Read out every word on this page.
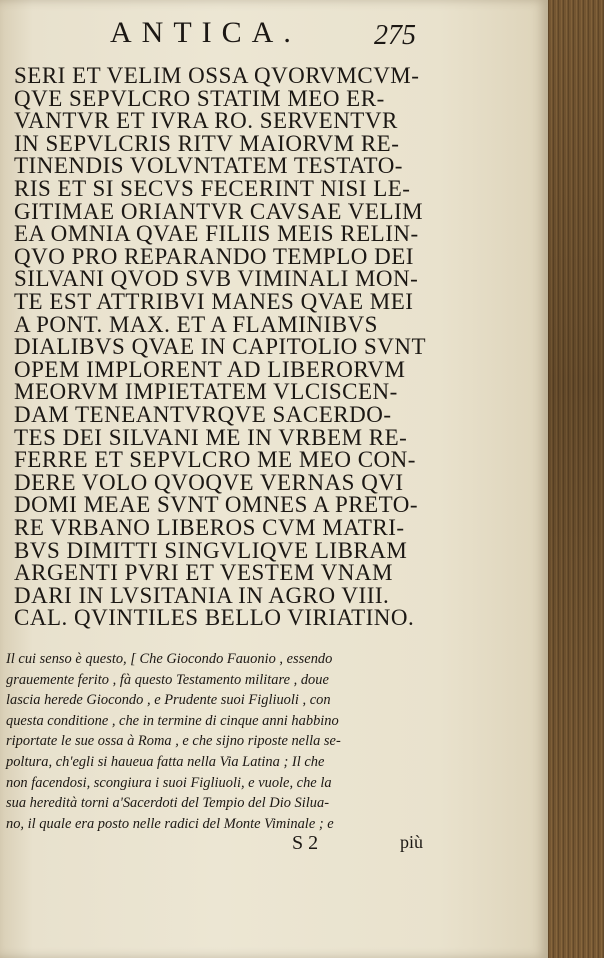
ANTICA.	275
SERI ET VELIM OSSA QVORVMCVM-
QVE SEPVLCRO STATIM MEO ER-
VANTVR ET IVRA RO. SERVENTVR
IN SEPVLCRIS RITV MAIORVM RE-
TINENDIS VOLVNTATEM TESTATO-
RIS ET SI SECVS FECERINT NISI LE-
GITIMAE ORIANTVR CAVSAE VELIM
EA OMNIA QVAE FILIIS MEIS RELIN-
QVO PRO REPARANDO TEMPLO DEI
SILVANI QVOD SVB VIMINALI MON-
TE EST ATTRIBVI MANES QVAE MEI
A PONT. MAX. ET A FLAMINIBVS
DIALIBVS QVAE IN CAPITOLIO SVNT
OPEM IMPLORENT AD LIBERORVM
MEORVM IMPIETATEM VLCISCEN-
DAM TENEANTVRQVE SACERDO-
TES DEI SILVANI ME IN VRBEM RE-
FERRE ET SEPVLCRO ME MEO CON-
DERE VOLO QVOQVE VERNAS QVI
DOMI MEAE SVNT OMNES A PRETO-
RE VRBANO LIBEROS CVM MATRI-
BVS DIMITTI SINGVLIQVE LIBRAM
ARGENTI PVRI ET VESTEM VNAM
DARI IN LVSITANIA IN AGRO VIII.
CAL. QVINTILES BELLO VIRIATINO.
Il cui senso è questo, [ Che Giocondo Fauonio , essendo
grauemente ferito , fà questo Testamento militare , doue
lascia herede Giocondo , e Prudente suoi Figliuoli , con
questa conditione , che in termine di cinque anni habbino
riportate le sue ossa à Roma , e che sijno riposte nella se-
poltura, ch'egli si haueua fatta nella Via Latina ; Il che
non facendosi, scongiura i suoi Figliuoli, e vuole, che la
sua heredità torni a'Sacerdoti del Tempio del Dio Silua-
no, il quale era posto nelle radici del Monte Viminale ; e
S 2	più
